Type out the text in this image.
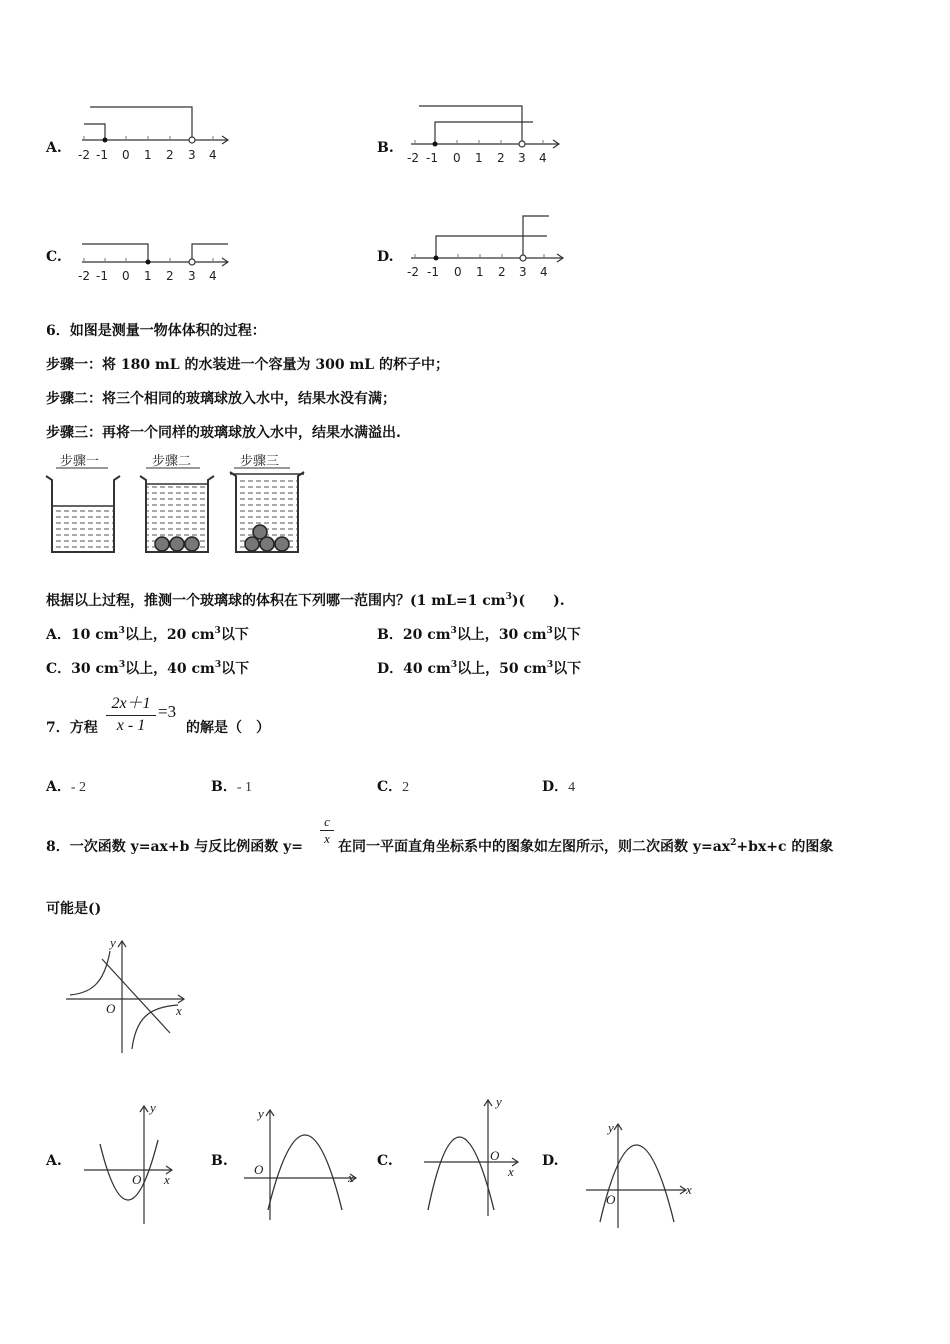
A. -2 -1 0 1 2 3 4	B.
-2 -1 0 1 2 3 4
C.
-2 -1 0 1 2 3 4
D.
-2 -1 0 1 2 3 4
6．如图是测量一物体体积的过程：
步骤一：将 180 mL 的水装进一个容量为 300 mL 的杯子中；
步骤二：将三个相同的玻璃球放入水中，结果水没有满；
步骤三：再将一个同样的玻璃球放入水中，结果水满溢出.
步骤一	步骤二	步骤三
根据以上过程，推测一个玻璃球的体积在下列哪一范围内？(1 mL=1 $cm^3$)(　　).
A．10 $cm^3$以上，20 $cm^3$以下	B．20 $cm^3$以上，30 $cm^3$以下
C．30 $cm^3$以上，40 $cm^3$以下	D．40 $cm^3$以上，50 $cm^3$以下
7．方程 $\frac{2x+1}{x - 1} =3$
的解是（　）
A．- 2	B．- 1	C．2	D．4
8．一次函数 y=ax+b 与反比例函数 $y= \frac{c}{x}$ 在同一平面直角坐标系中的图象如左图所示，则二次函数 $y=ax^2+bx+c$ 的图象
可能是()
y
x
O
A.
y
x
O
B.
y
x
O
C.
y
x
O	D.
y
x
O
